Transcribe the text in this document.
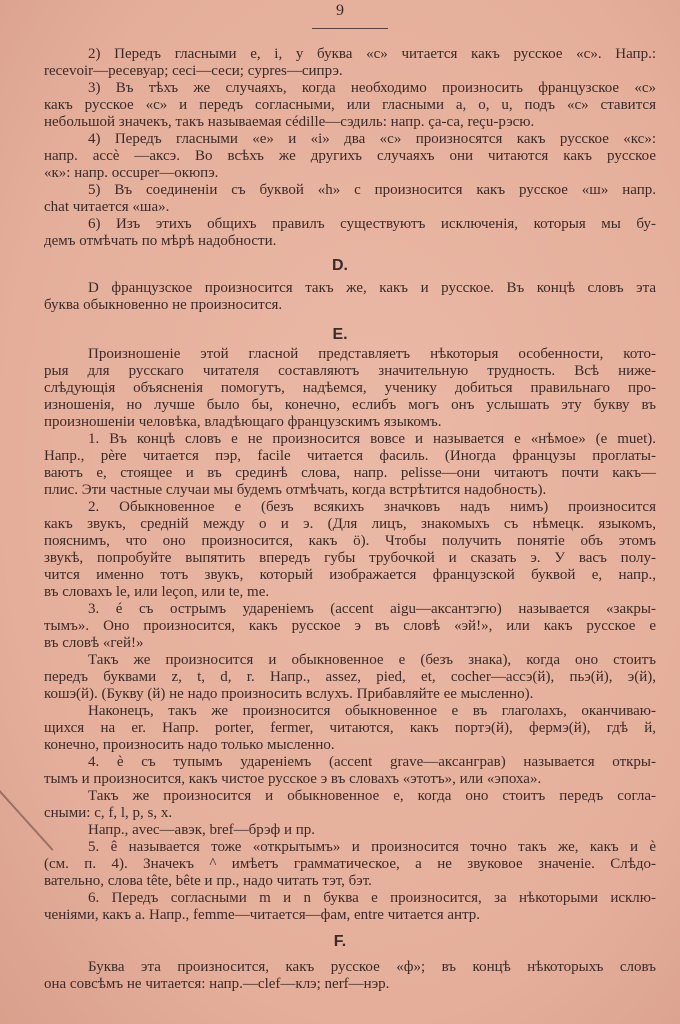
9
2) Передъ гласными e, i, y буква «c» читается какъ русское «c». Напр.:
recevoir—ресевуар; ceci—сеси; cypres—сипрэ.
3) Въ тѣхъ же случаяхъ, когда необходимо произносить французское «c»
какъ русское «c» и передъ согласными, или гласными a, o, u, подъ «c» ставится
небольшой значекъ, такъ называемая cédille—сэдиль: напр. ça-са, reçu-рэсю.
4) Передъ гласными «e» и «i» два «c» произносятся какъ русское «кс»:
напр. accè —аксэ. Во всѣхъ же другихъ случаяхъ они читаются какъ русское
«к»: напр. occuper—окюпэ.
5) Въ соединеніи съ буквой «h» c произносится какъ русское «ш» напр.
chat читается «ша».
6) Изъ этихъ общихъ правилъ существуютъ исключенія, которыя мы бу-
демъ отмѣчать по мѣрѣ надобности.
D.
D французское произносится такъ же, какъ и русское. Въ концѣ словъ эта
буква обыкновенно не произносится.
E.
Произношеніе этой гласной представляетъ нѣкоторыя особенности, кото-
рыя для русскаго читателя составляютъ значительную трудность. Всѣ ниже-
слѣдующія объясненія помогутъ, надѣемся, ученику добиться правильнаго про-
изношенія, но лучше было бы, конечно, еслибъ могъ онъ услышать эту букву въ
произношеніи человѣка, владѣющаго французскимъ языкомъ.
1. Въ концѣ словъ e не произносится вовсе и называется e «нѣмое» (e muet).
Напр., père читается пэр, facile читается фасиль. (Иногда французы проглаты-
ваютъ e, стоящее и въ срединѣ слова, напр. pelisse—они читаютъ почти какъ—
плис. Эти частные случаи мы будемъ отмѣчать, когда встрѣтится надобность).
2. Обыкновенное e (безъ всякихъ значковъ надъ нимъ) произносится
какъ звукъ, средній между о и э. (Для лицъ, знакомыхъ съ нѣмецк. языкомъ,
пояснимъ, что оно произносится, какъ ö). Чтобы получить понятіе объ этомъ
звукѣ, попробуйте выпятить впередъ губы трубочкой и сказать э. У васъ полу-
чится именно тотъ звукъ, который изображается французской буквой e, напр.,
въ словахъ le, или leçon, или te, me.
3. é съ острымъ удареніемъ (accent aigu—аксантэгю) называется «закры-
тымъ». Оно произносится, какъ русское э въ словѣ «эй!», или какъ русское e
въ словѣ «гей!»
Такъ же произносится и обыкновенное e (безъ знака), когда оно стоитъ
передъ буквами z, t, d, r. Напр., assez, pied, et, cocher—ассэ(й), пьэ(й), э(й),
кошэ(й). (Букву (й) не надо произносить вслухъ. Прибавляйте ее мысленно).
Наконецъ, такъ же произносится обыкновенное e въ глаголахъ, оканчиваю-
щихся на er. Напр. porter, fermer, читаются, какъ портэ(й), фермэ(й), гдѣ й,
конечно, произносить надо только мысленно.
4. è съ тупымъ удареніемъ (accent grave—аксанграв) называется откры-
тымъ и произносится, какъ чистое русское э въ словахъ «этотъ», или «эпоха».
Такъ же произносится и обыкновенное e, когда оно стоитъ передъ согла-
сными: c, f, l, p, s, x.
Напр., avec—авэк, bref—брэф и пр.
5. ê называется тоже «открытымъ» и произносится точно такъ же, какъ и è
(см. п. 4). Значекъ ^ имѣетъ грамматическое, а не звуковое значеніе. Слѣдо-
вательно, слова tête, bête и пр., надо читать тэт, бэт.
6. Передъ согласными m и n буква e произносится, за нѣкоторыми исклю-
ченіями, какъ a. Напр., femme—читается—фам, entre читается антр.
F.
Буква эта произносится, какъ русское «ф»; въ концѣ нѣкоторыхъ словъ
она совсѣмъ не читается: напр.—clef—клэ; nerf—нэр.
